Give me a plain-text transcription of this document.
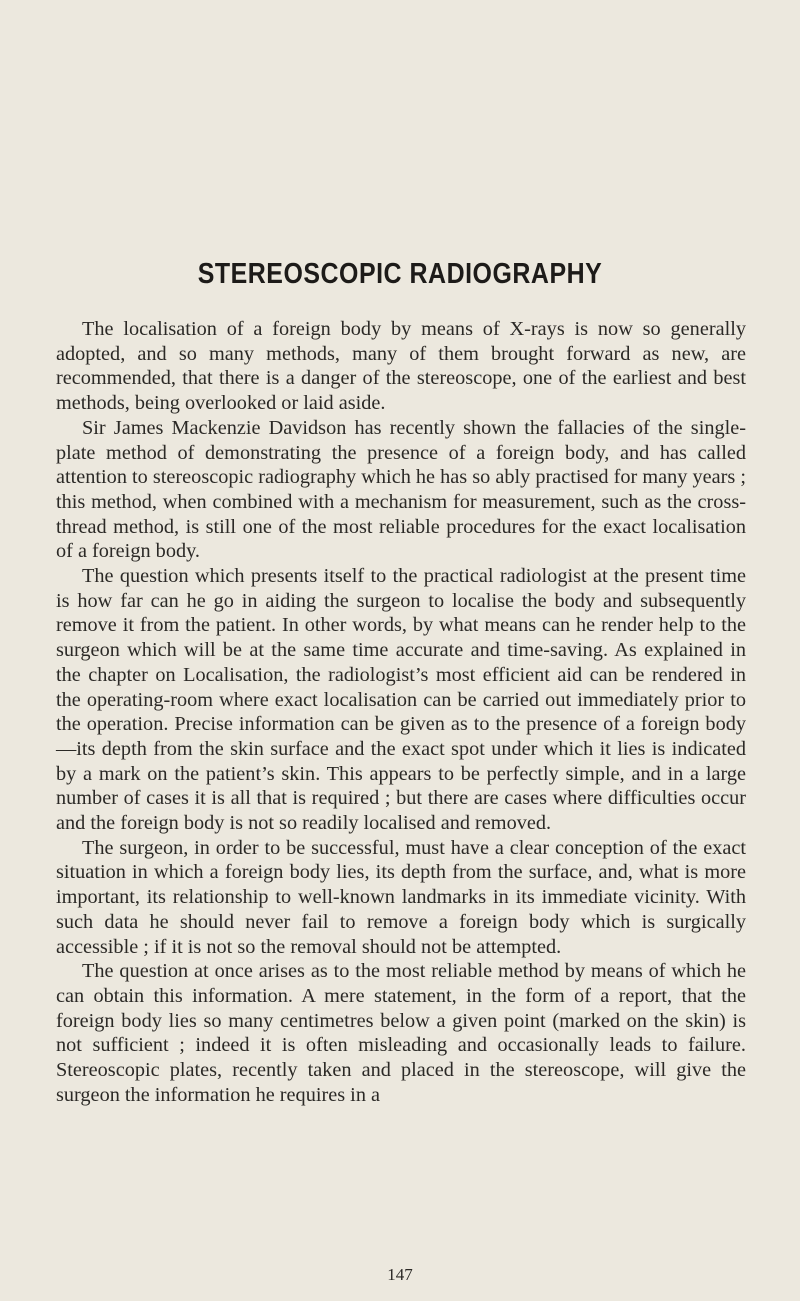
STEREOSCOPIC RADIOGRAPHY

The localisation of a foreign body by means of X-rays is now so generally adopted, and so many methods, many of them brought forward as new, are recommended, that there is a danger of the stereoscope, one of the earliest and best methods, being overlooked or laid aside.

Sir James Mackenzie Davidson has recently shown the fallacies of the single-plate method of demonstrating the presence of a foreign body, and has called attention to stereoscopic radiography which he has so ably practised for many years ; this method, when combined with a mechanism for measurement, such as the cross-thread method, is still one of the most reliable procedures for the exact localisation of a foreign body.

The question which presents itself to the practical radiologist at the present time is how far can he go in aiding the surgeon to localise the body and subsequently remove it from the patient. In other words, by what means can he render help to the surgeon which will be at the same time accurate and time-saving. As explained in the chapter on Localisation, the radiologist’s most efficient aid can be rendered in the operating-room where exact localisation can be carried out immediately prior to the operation. Precise information can be given as to the presence of a foreign body—its depth from the skin surface and the exact spot under which it lies is indicated by a mark on the patient’s skin. This appears to be perfectly simple, and in a large number of cases it is all that is required ; but there are cases where difficulties occur and the foreign body is not so readily localised and removed.

The surgeon, in order to be successful, must have a clear conception of the exact situation in which a foreign body lies, its depth from the surface, and, what is more important, its relationship to well-known landmarks in its immediate vicinity. With such data he should never fail to remove a foreign body which is surgically accessible ; if it is not so the removal should not be attempted.

The question at once arises as to the most reliable method by means of which he can obtain this information. A mere statement, in the form of a report, that the foreign body lies so many centimetres below a given point (marked on the skin) is not sufficient ; indeed it is often misleading and occasionally leads to failure. Stereoscopic plates, recently taken and placed in the stereoscope, will give the surgeon the information he requires in a

147
